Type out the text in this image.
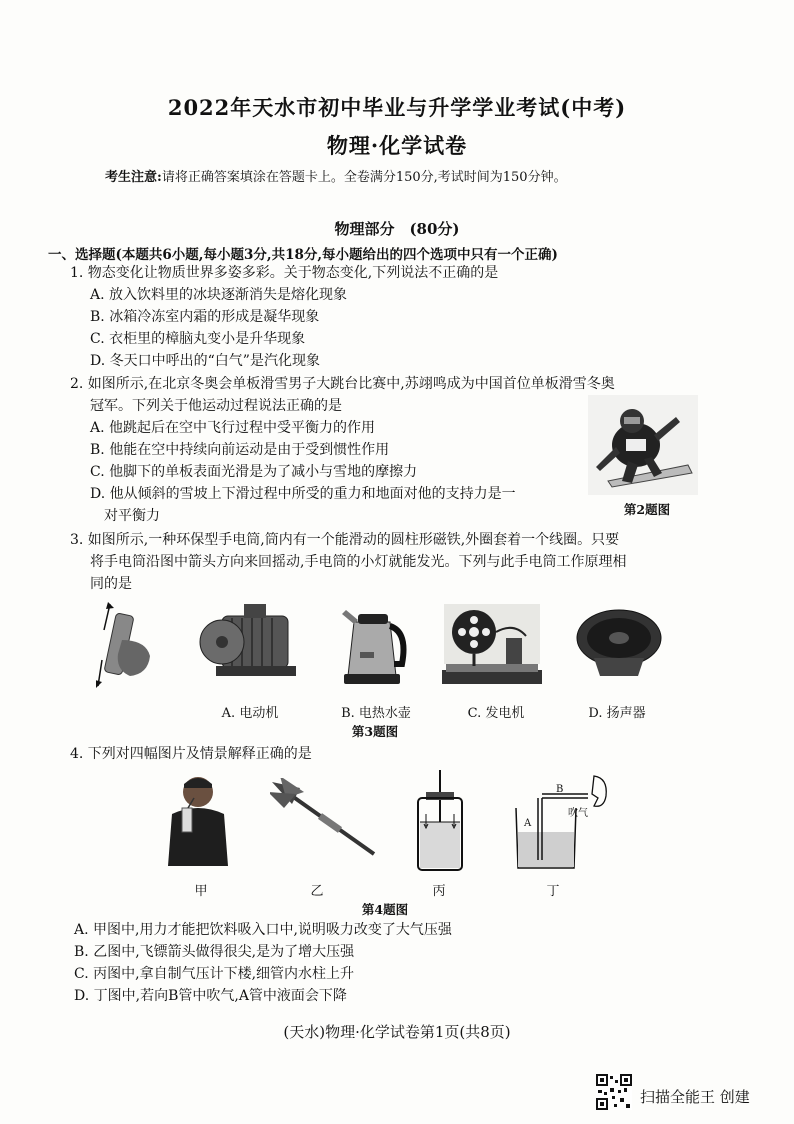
2022年天水市初中毕业与升学学业考试(中考)
物理·化学试卷
考生注意:请将正确答案填涂在答题卡上。全卷满分150分,考试时间为150分钟。
物理部分　(80分)
一、选择题(本题共6小题,每小题3分,共18分,每小题给出的四个选项中只有一个正确)
1. 物态变化让物质世界多姿多彩。关于物态变化,下列说法不正确的是
A. 放入饮料里的冰块逐渐消失是熔化现象
B. 冰箱冷冻室内霜的形成是凝华现象
C. 衣柜里的樟脑丸变小是升华现象
D. 冬天口中呼出的“白气”是汽化现象
2. 如图所示,在北京冬奥会单板滑雪男子大跳台比赛中,苏翊鸣成为中国首位单板滑雪冬奥
冠军。下列关于他运动过程说法正确的是
A. 他跳起后在空中飞行过程中受平衡力的作用
B. 他能在空中持续向前运动是由于受到惯性作用
C. 他脚下的单板表面光滑是为了减小与雪地的摩擦力
D. 他从倾斜的雪坡上下滑过程中所受的重力和地面对他的支持力是一
对平衡力	第2题图
3. 如图所示,一种环保型手电筒,筒内有一个能滑动的圆柱形磁铁,外圈套着一个线圈。只要
将手电筒沿图中箭头方向来回摇动,手电筒的小灯就能发光。下列与此手电筒工作原理相
同的是
A. 电动机	B. 电热水壶	C. 发电机	D. 扬声器
第3题图
4. 下列对四幅图片及情景解释正确的是
B
A
吹气
甲	乙	丙	丁
第4题图
A. 甲图中,用力才能把饮料吸入口中,说明吸力改变了大气压强
B. 乙图中,飞镖箭头做得很尖,是为了增大压强
C. 丙图中,拿自制气压计下楼,细管内水柱上升
D. 丁图中,若向B管中吹气,A管中液面会下降
(天水)物理·化学试卷第1页(共8页)
扫描全能王 创建
